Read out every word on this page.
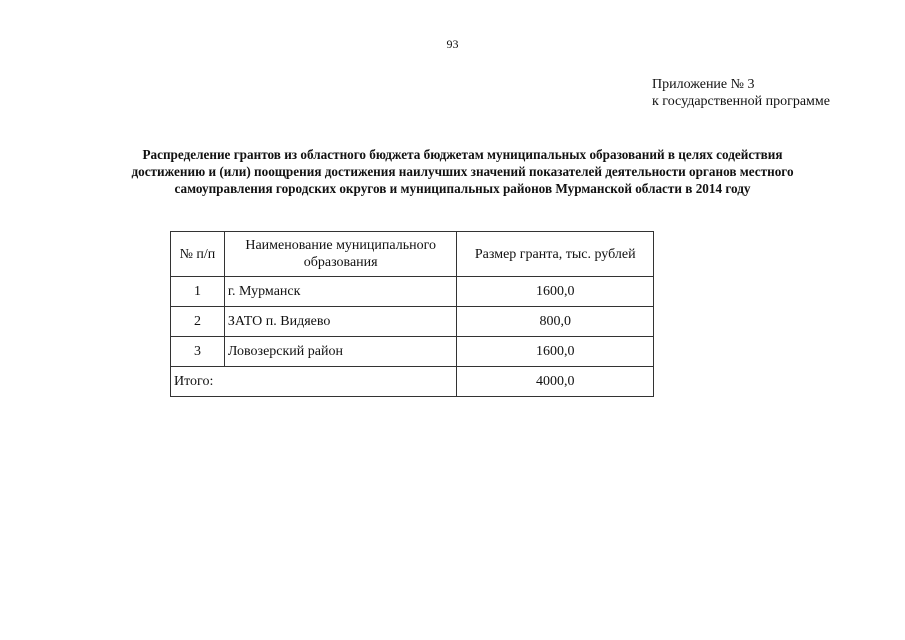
93
Приложение № 3
к государственной программе
Распределение грантов из областного бюджета бюджетам муниципальных образований в целях содействия
достижению и (или) поощрения достижения наилучших значений показателей деятельности органов местного
самоуправления городских округов и муниципальных районов Мурманской области в 2014 году
№ п/п	Наименование муниципального образования	Размер гранта, тыс. рублей
1	г. Мурманск	1600,0
2	ЗАТО п. Видяево	800,0
3	Ловозерский район	1600,0
Итого:		4000,0
